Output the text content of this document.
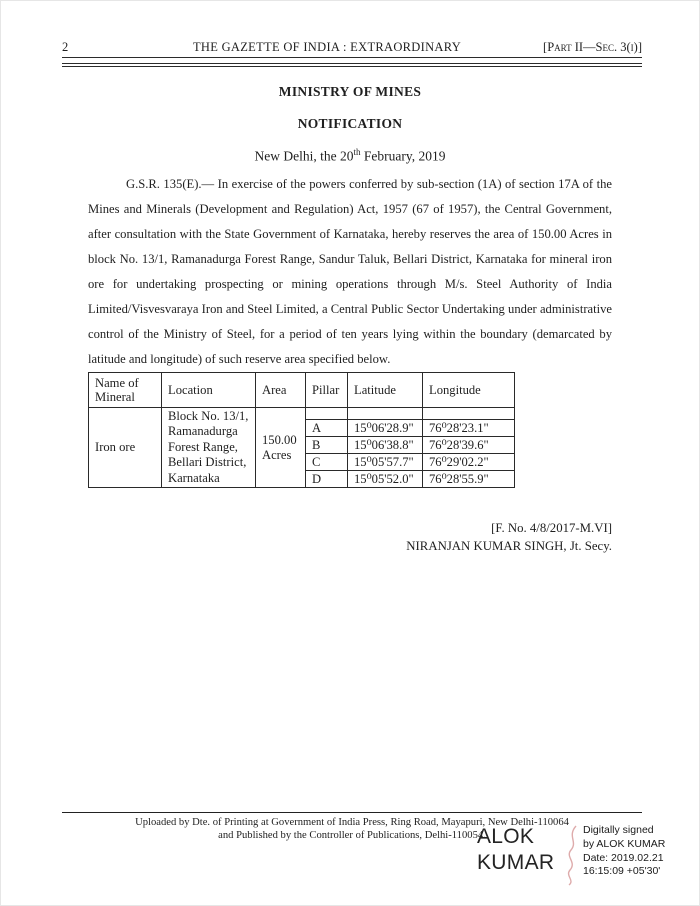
2	THE GAZETTE OF INDIA : EXTRAORDINARY	[Part II—Sec. 3(i)]

MINISTRY OF MINES

NOTIFICATION

New Delhi, the 20th February, 2019

G.S.R. 135(E).— In exercise of the powers conferred by sub-section (1A) of section 17A of the Mines and Minerals (Development and Regulation) Act, 1957 (67 of 1957), the Central Government, after consultation with the State Government of Karnataka, hereby reserves the area of 150.00 Acres in block No. 13/1, Ramanadurga Forest Range, Sandur Taluk, Bellari District, Karnataka for mineral iron ore for undertaking prospecting or mining operations through M/s. Steel Authority of India Limited/Visvesvaraya Iron and Steel Limited, a Central Public Sector Undertaking under administrative control of the Ministry of Steel, for a period of ten years lying within the boundary (demarcated by latitude and longitude) of such reserve area specified below.

Name of Mineral	Location	Area	Pillar	Latitude	Longitude
Iron ore	Block No. 13/1, Ramanadurga Forest Range, Bellari District, Karnataka	150.00 Acres			
			A	15⁰06'28.9"	76⁰28'23.1"
			B	15⁰06'38.8"	76⁰28'39.6"
			C	15⁰05'57.7"	76⁰29'02.2"
			D	15⁰05'52.0"	76⁰28'55.9"
[F. No. 4/8/2017-M.VI]
NIRANJAN KUMAR SINGH, Jt. Secy.
Uploaded by Dte. of Printing at Government of India Press, Ring Road, Mayapuri, New Delhi-110064
and Published by the Controller of Publications, Delhi-110054.
ALOK KUMAR
Digitally signed
by ALOK KUMAR
Date: 2019.02.21
16:15:09 +05'30'
